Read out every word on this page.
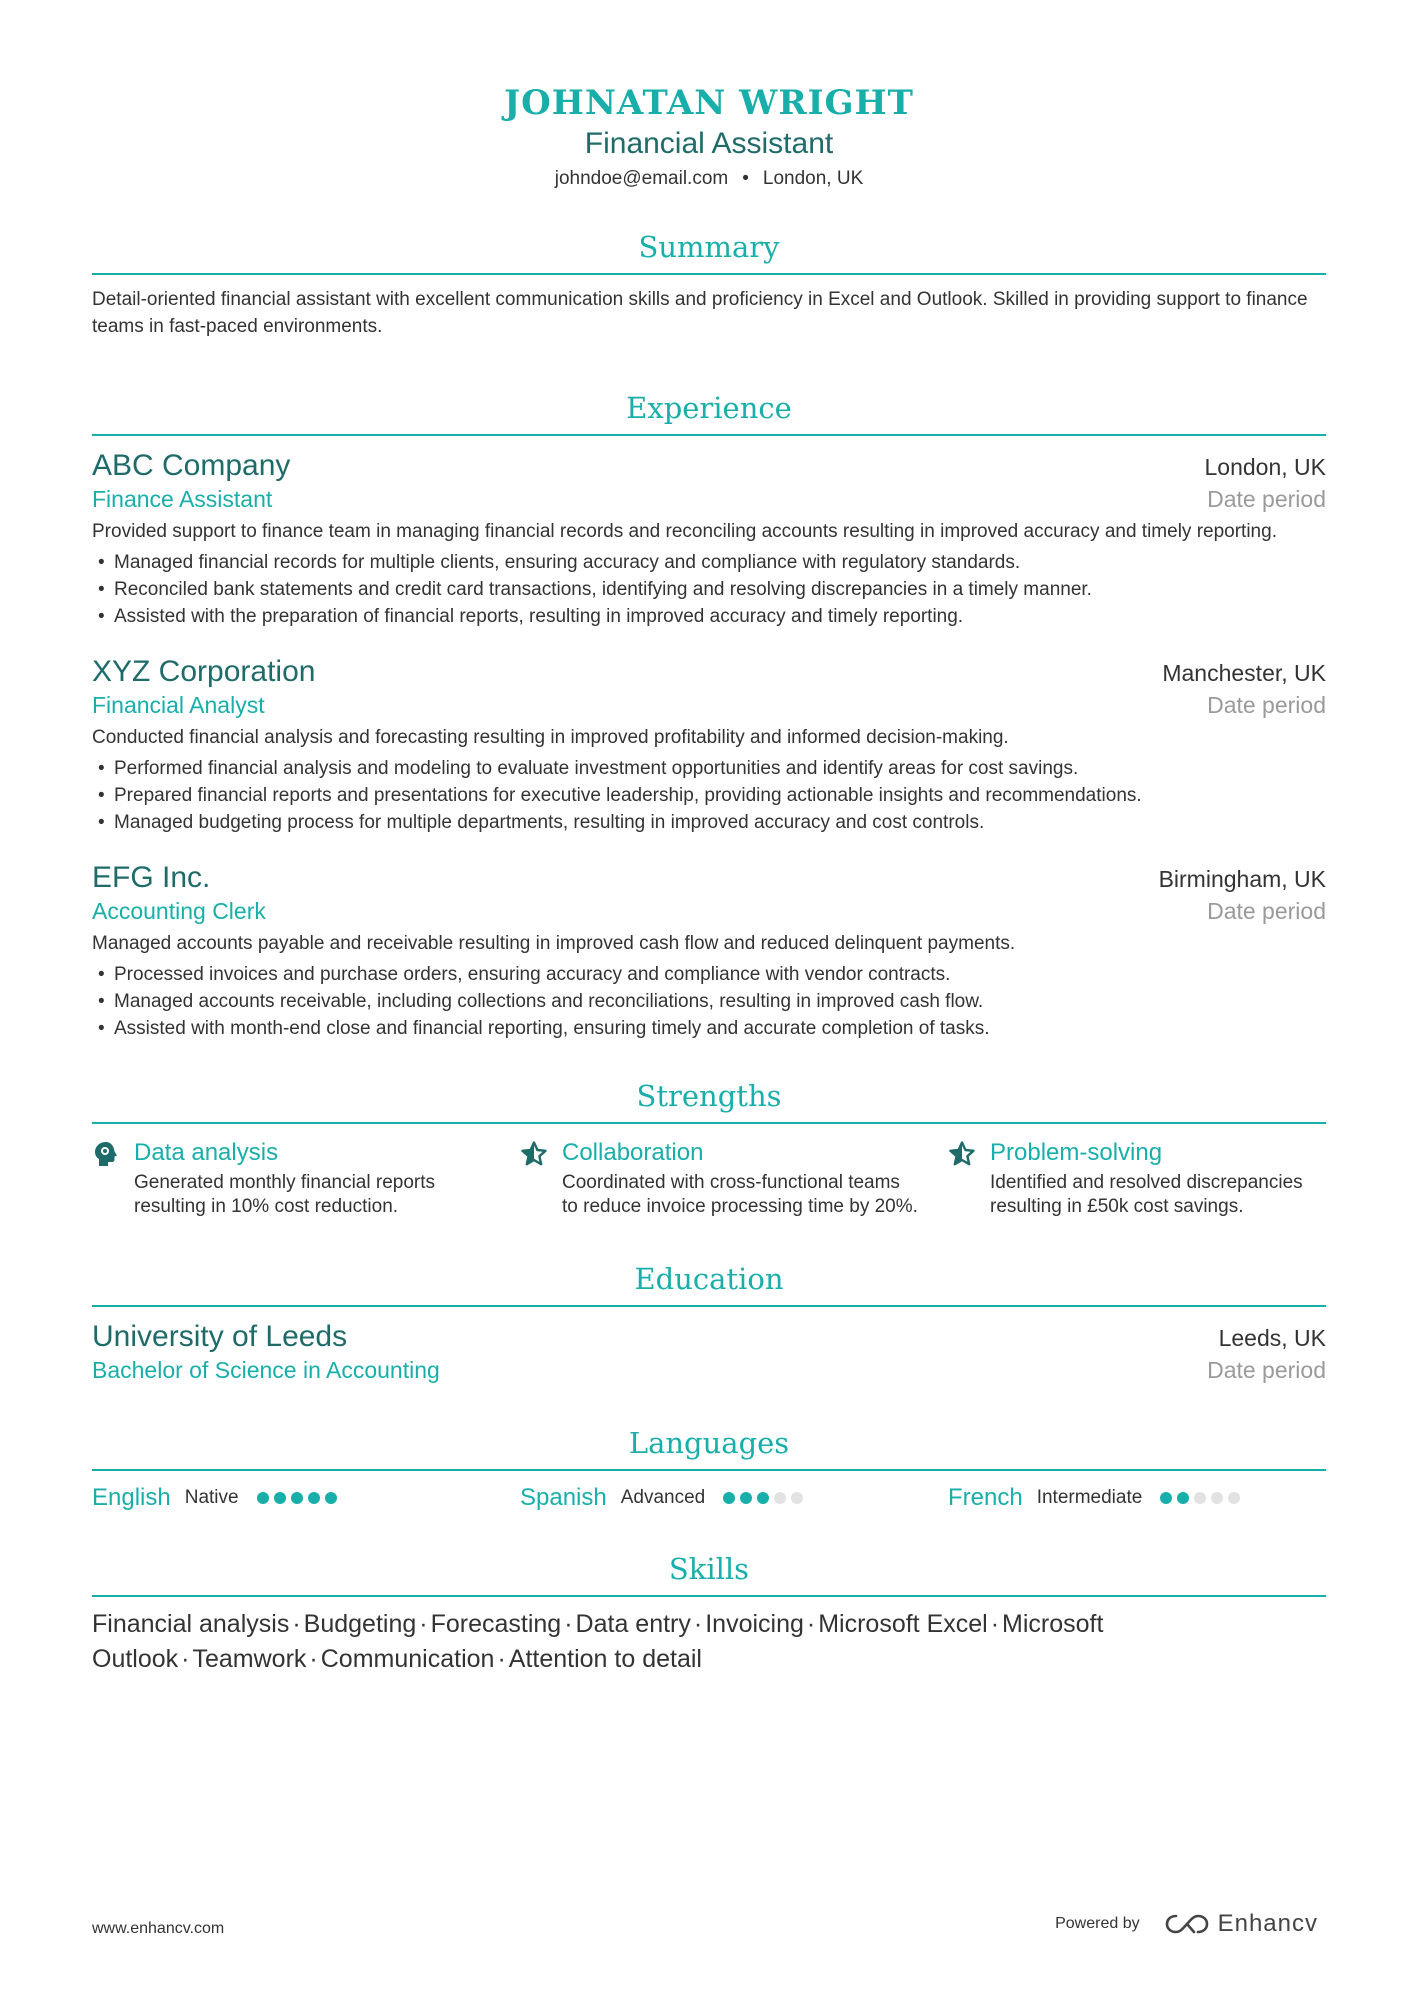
JOHNATAN WRIGHT
Financial Assistant
johndoe@email.com • London, UK
Summary
Detail-oriented financial assistant with excellent communication skills and proficiency in Excel and Outlook. Skilled in providing support to finance teams in fast-paced environments.
Experience
ABC Company	London, UK
Finance Assistant	Date period
Provided support to finance team in managing financial records and reconciling accounts resulting in improved accuracy and timely reporting.
• Managed financial records for multiple clients, ensuring accuracy and compliance with regulatory standards.
• Reconciled bank statements and credit card transactions, identifying and resolving discrepancies in a timely manner.
• Assisted with the preparation of financial reports, resulting in improved accuracy and timely reporting.
XYZ Corporation	Manchester, UK
Financial Analyst	Date period
Conducted financial analysis and forecasting resulting in improved profitability and informed decision-making.
• Performed financial analysis and modeling to evaluate investment opportunities and identify areas for cost savings.
• Prepared financial reports and presentations for executive leadership, providing actionable insights and recommendations.
• Managed budgeting process for multiple departments, resulting in improved accuracy and cost controls.
EFG Inc.	Birmingham, UK
Accounting Clerk	Date period
Managed accounts payable and receivable resulting in improved cash flow and reduced delinquent payments.
• Processed invoices and purchase orders, ensuring accuracy and compliance with vendor contracts.
• Managed accounts receivable, including collections and reconciliations, resulting in improved cash flow.
• Assisted with month-end close and financial reporting, ensuring timely and accurate completion of tasks.
Strengths
Data analysis
Generated monthly financial reports resulting in 10% cost reduction.
Collaboration
Coordinated with cross-functional teams to reduce invoice processing time by 20%.
Problem-solving
Identified and resolved discrepancies resulting in £50k cost savings.
Education
University of Leeds	Leeds, UK
Bachelor of Science in Accounting	Date period
Languages
English Native	Spanish Advanced	French Intermediate
Skills
Financial analysis · Budgeting · Forecasting · Data entry · Invoicing · Microsoft Excel · Microsoft Outlook · Teamwork · Communication · Attention to detail
www.enhancv.com	Powered by	Enhancv
